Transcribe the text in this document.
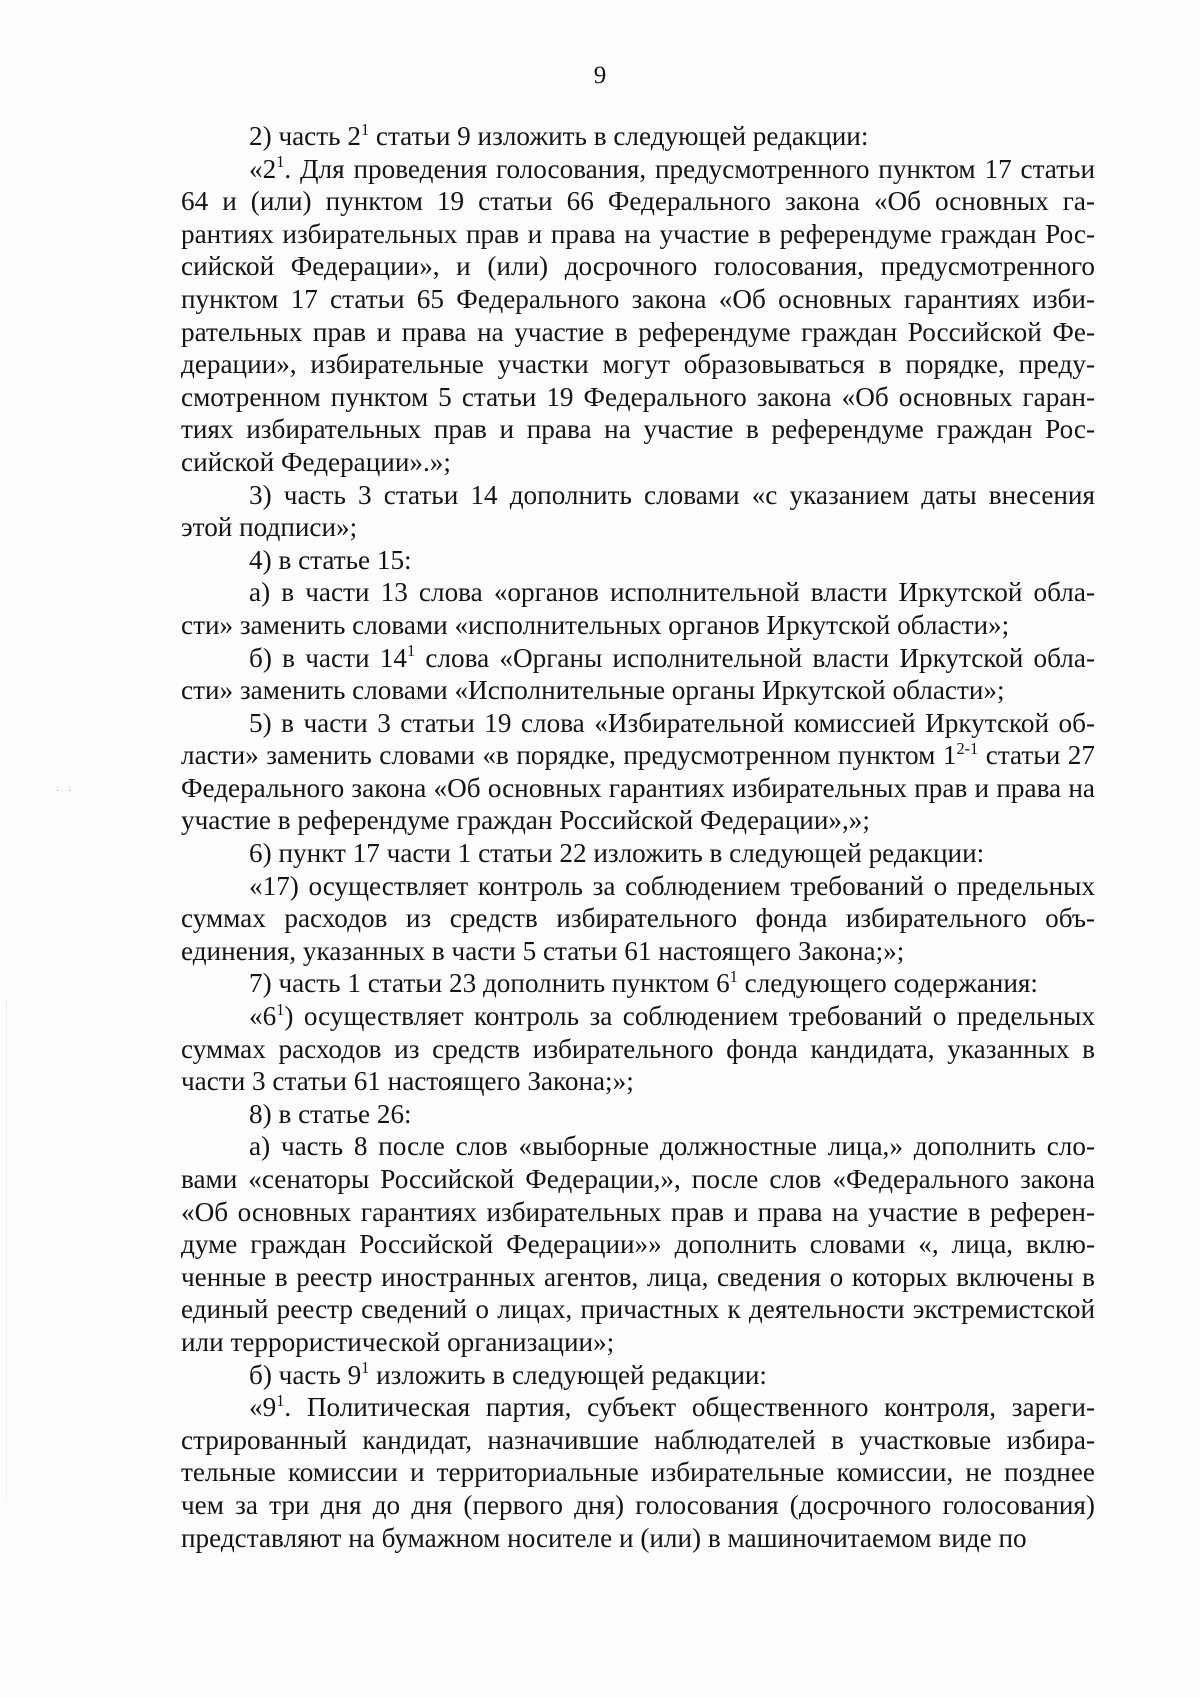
9

2) часть $2^1$ статьи 9 изложить в следующей редакции:

«$2^1$. Для проведения голосования, предусмотренного пунктом 17 статьи 64 и (или) пунктом 19 статьи 66 Федерального закона «Об основных гарантиях избирательных прав и права на участие в референдуме граждан Российской Федерации», и (или) досрочного голосования, предусмотренного пунктом 17 статьи 65 Федерального закона «Об основных гарантиях избирательных прав и права на участие в референдуме граждан Российской Федерации», избирательные участки могут образовываться в порядке, предусмотренном пунктом 5 статьи 19 Федерального закона «Об основных гарантиях избирательных прав и права на участие в референдуме граждан Российской Федерации».»;

3) часть 3 статьи 14 дополнить словами «с указанием даты внесения этой подписи»;

4) в статье 15:

а) в части 13 слова «органов исполнительной власти Иркутской области» заменить словами «исполнительных органов Иркутской области»;

б) в части $14^1$ слова «Органы исполнительной власти Иркутской области» заменить словами «Исполнительные органы Иркутской области»;

5) в части 3 статьи 19 слова «Избирательной комиссией Иркутской области» заменить словами «в порядке, предусмотренном пунктом 1$^{2-1}$ статьи 27 Федерального закона «Об основных гарантиях избирательных прав и права на участие в референдуме граждан Российской Федерации»,»;

6) пункт 17 части 1 статьи 22 изложить в следующей редакции:

«17) осуществляет контроль за соблюдением требований о предельных суммах расходов из средств избирательного фонда избирательного объединения, указанных в части 5 статьи 61 настоящего Закона;»;

7) часть 1 статьи 23 дополнить пунктом $6^1$ следующего содержания:

«$6^1$) осуществляет контроль за соблюдением требований о предельных суммах расходов из средств избирательного фонда кандидата, указанных в части 3 статьи 61 настоящего Закона;»;

8) в статье 26:

а) часть 8 после слов «выборные должностные лица,» дополнить словами «сенаторы Российской Федерации,», после слов «Федерального закона «Об основных гарантиях избирательных прав и права на участие в референдуме граждан Российской Федерации»» дополнить словами «, лица, включенные в реестр иностранных агентов, лица, сведения о которых включены в единый реестр сведений о лицах, причастных к деятельности экстремистской или террористической организации»;

б) часть $9^1$ изложить в следующей редакции:

«$9^1$. Политическая партия, субъект общественного контроля, зарегистрированный кандидат, назначившие наблюдателей в участковые избирательные комиссии и территориальные избирательные комиссии, не позднее чем за три дня до дня (первого дня) голосования (досрочного голосования) представляют на бумажном носителе и (или) в машиночитаемом виде по

· ·
